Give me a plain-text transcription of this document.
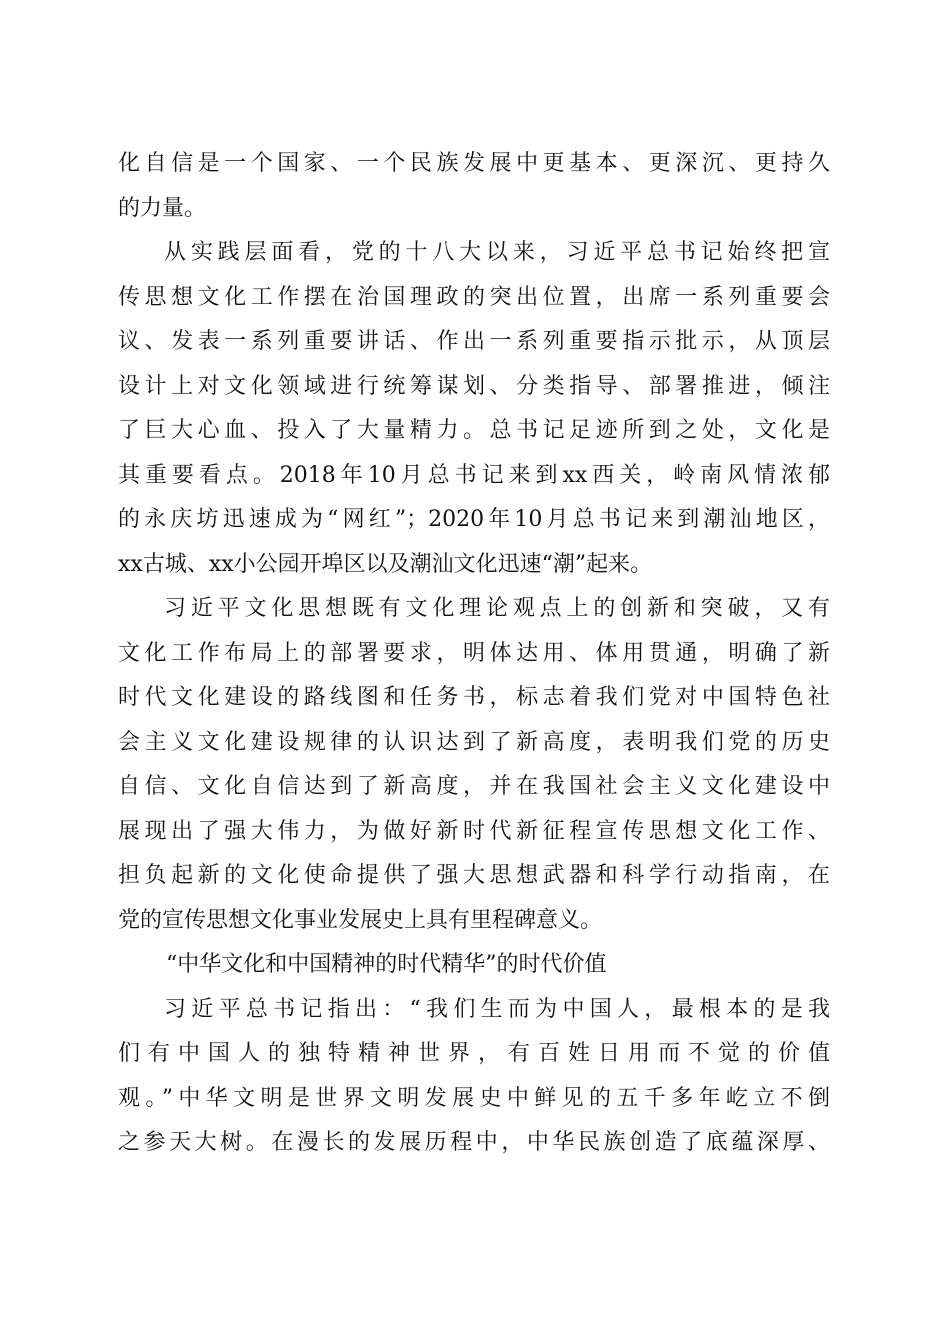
化自信是一个国家、一个民族发展中更基本、更深沉、更持久
的力量。
从实践层面看，党的十八大以来，习近平总书记始终把宣
传思想文化工作摆在治国理政的突出位置，出席一系列重要会
议、发表一系列重要讲话、作出一系列重要指示批示，从顶层
设计上对文化领域进行统筹谋划、分类指导、部署推进，倾注
了巨大心血、投入了大量精力。总书记足迹所到之处，文化是
其重要看点。2018年10月总书记来到xx西关，岭南风情浓郁
的永庆坊迅速成为“网红”；2020年10月总书记来到潮汕地区，
xx古城、xx小公园开埠区以及潮汕文化迅速“潮”起来。
习近平文化思想既有文化理论观点上的创新和突破，又有
文化工作布局上的部署要求，明体达用、体用贯通，明确了新
时代文化建设的路线图和任务书，标志着我们党对中国特色社
会主义文化建设规律的认识达到了新高度，表明我们党的历史
自信、文化自信达到了新高度，并在我国社会主义文化建设中
展现出了强大伟力，为做好新时代新征程宣传思想文化工作、
担负起新的文化使命提供了强大思想武器和科学行动指南，在
党的宣传思想文化事业发展史上具有里程碑意义。
“中华文化和中国精神的时代精华”的时代价值
习近平总书记指出：“我们生而为中国人，最根本的是我
们有中国人的独特精神世界，有百姓日用而不觉的价值
观。”中华文明是世界文明发展史中鲜见的五千多年屹立不倒
之参天大树。在漫长的发展历程中，中华民族创造了底蕴深厚、
